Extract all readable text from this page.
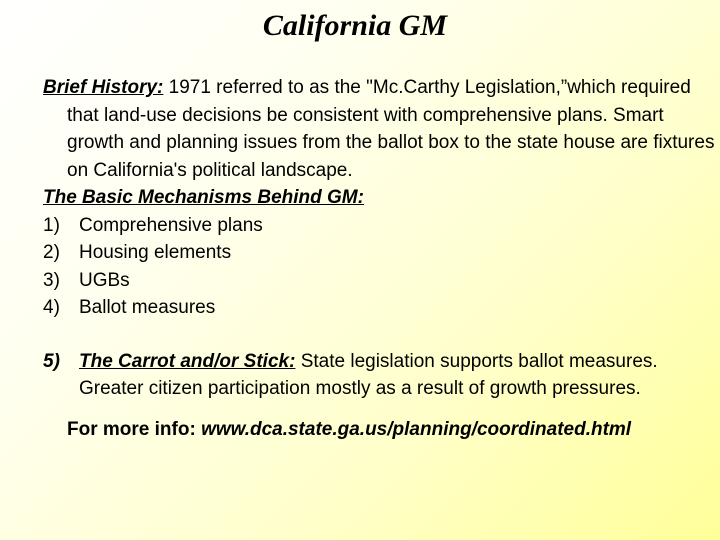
California GM
Brief History: 1971 referred to as the "Mc.Carthy Legislation,”which required that land-use decisions be consistent with comprehensive plans. Smart growth and planning issues from the ballot box to the state house are fixtures on California's political landscape.
The Basic Mechanisms Behind GM:
1)	Comprehensive plans
2)	Housing elements
3)	UGBs
4)	Ballot measures
5)	The Carrot and/or Stick: State legislation supports ballot measures. Greater citizen participation mostly as a result of growth pressures.
For more info: www.dca.state.ga.us/planning/coordinated.html
